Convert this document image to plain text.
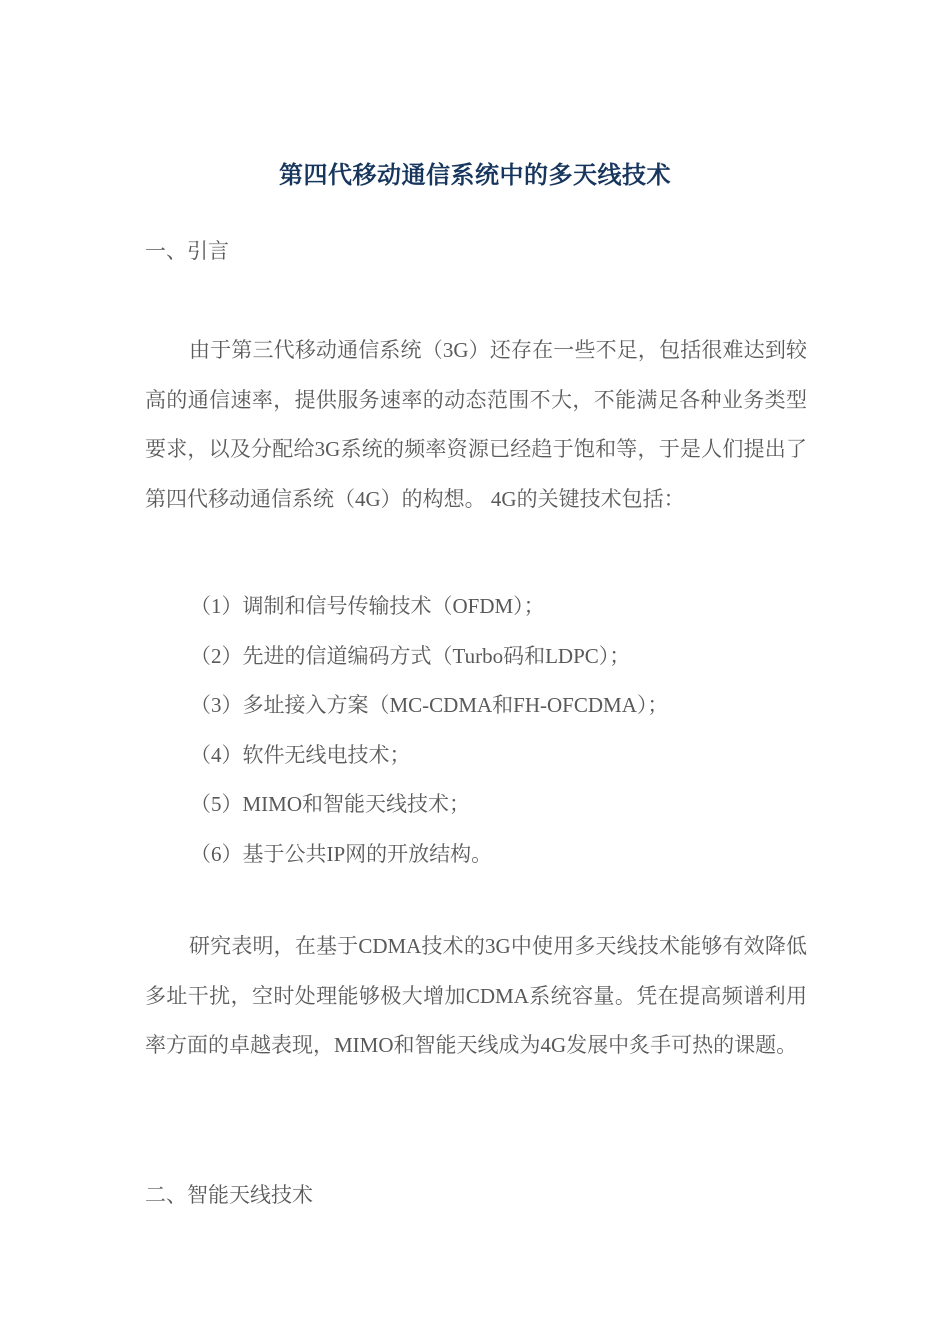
第四代移动通信系统中的多天线技术
一、引言
由于第三代移动通信系统（3G）还存在一些不足，包括很难达到较高的通信速率，提供服务速率的动态范围不大，不能满足各种业务类型要求，以及分配给3G系统的频率资源已经趋于饱和等，于是人们提出了第四代移动通信系统（4G）的构想。 4G的关键技术包括：
（1）调制和信号传输技术（OFDM）；
（2）先进的信道编码方式（Turbo码和LDPC）；
（3）多址接入方案（MC-CDMA和FH-OFCDMA）；
（4）软件无线电技术；
（5）MIMO和智能天线技术；
（6）基于公共IP网的开放结构。
研究表明，在基于CDMA技术的3G中使用多天线技术能够有效降低多址干扰，空时处理能够极大增加CDMA系统容量。凭在提高频谱利用率方面的卓越表现，MIMO和智能天线成为4G发展中炙手可热的课题。
二、智能天线技术
